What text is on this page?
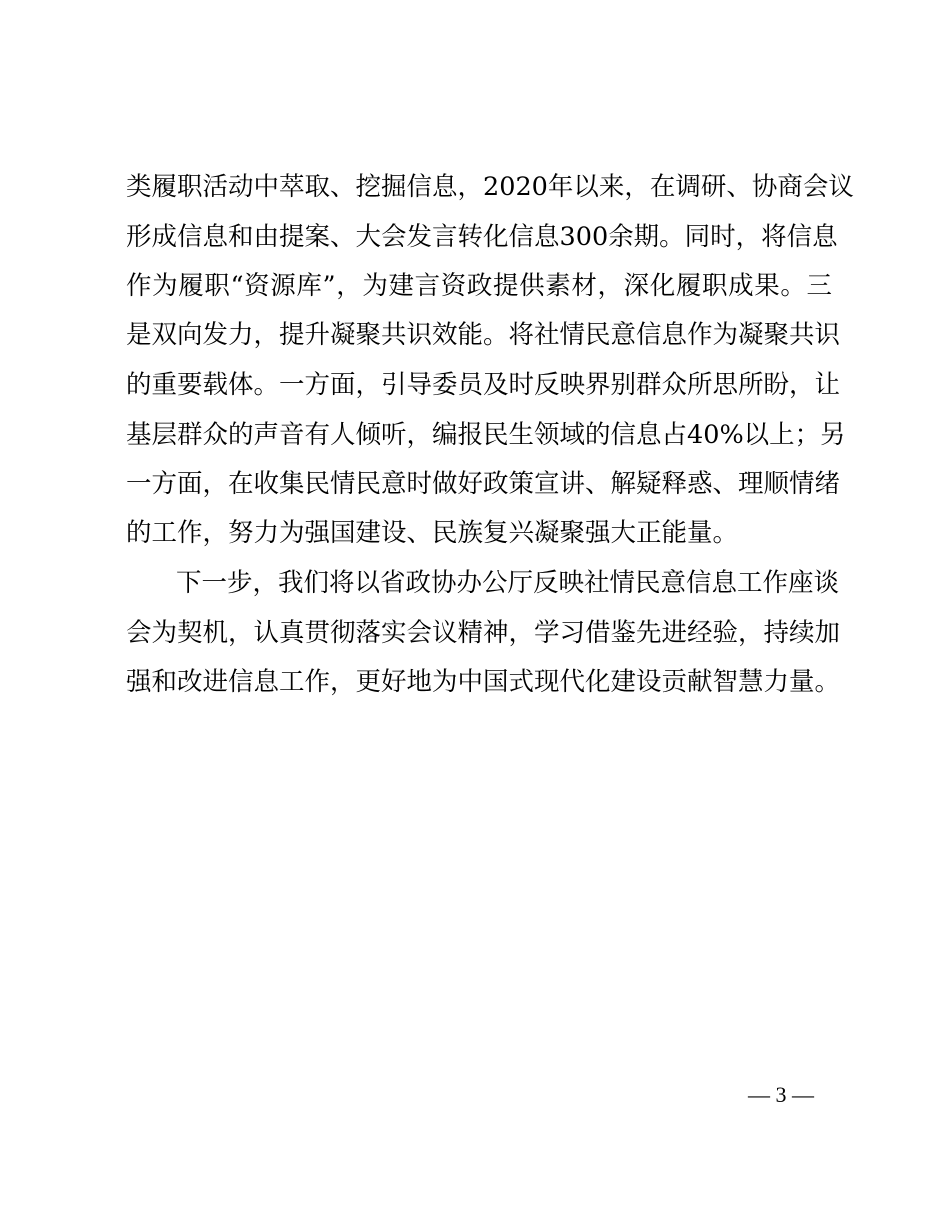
类履职活动中萃取、挖掘信息，2020年以来，在调研、协商会议
形成信息和由提案、大会发言转化信息300余期。同时，将信息
作为履职“资源库”，为建言资政提供素材，深化履职成果。三
是双向发力，提升凝聚共识效能。将社情民意信息作为凝聚共识
的重要载体。一方面，引导委员及时反映界别群众所思所盼，让
基层群众的声音有人倾听，编报民生领域的信息占40%以上；另
一方面，在收集民情民意时做好政策宣讲、解疑释惑、理顺情绪
的工作，努力为强国建设、民族复兴凝聚强大正能量。
下一步，我们将以省政协办公厅反映社情民意信息工作座谈
会为契机，认真贯彻落实会议精神，学习借鉴先进经验，持续加
强和改进信息工作，更好地为中国式现代化建设贡献智慧力量。
— 3 —
